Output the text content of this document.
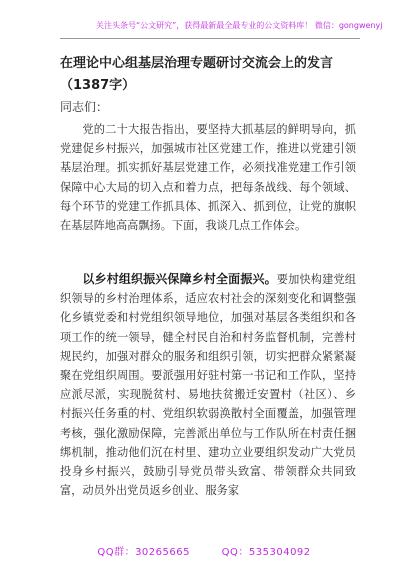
关注头条号“公文研究”，获得最新最全最专业的公文资料库！ 微信：gongwenyj
在理论中心组基层治理专题研讨交流会上的发言（1387字）
同志们：

党的二十大报告指出，要坚持大抓基层的鲜明导向，抓党建促乡村振兴，加强城市社区党建工作，推进以党建引领基层治理。抓实抓好基层党建工作，必须找准党建工作引领保障中心大局的切入点和着力点，把每条战线、每个领域、每个环节的党建工作抓具体、抓深入、抓到位，让党的旗帜在基层阵地高高飘扬。下面，我谈几点工作体会。

以乡村组织振兴保障乡村全面振兴。要加快构建党组织领导的乡村治理体系，适应农村社会的深刻变化和调整强化乡镇党委和村党组织领导地位，加强对基层各类组织和各项工作的统一领导，健全村民自治和村务监督机制，完善村规民约，加强对群众的服务和组织引领，切实把群众紧紧凝聚在党组织周围。要派强用好驻村第一书记和工作队，坚持应派尽派，实现脱贫村、易地扶贫搬迁安置村（社区）、乡村振兴任务重的村、党组织软弱涣散村全面覆盖，加强管理考核，强化激励保障，完善派出单位与工作队所在村责任捆绑机制，推动他们沉在村里、建功立业要组织发动广大党员投身乡村振兴，鼓励引导党员带头致富、带领群众共同致富，动员外出党员返乡创业、服务家

QQ群：30265665	QQ：535304092
